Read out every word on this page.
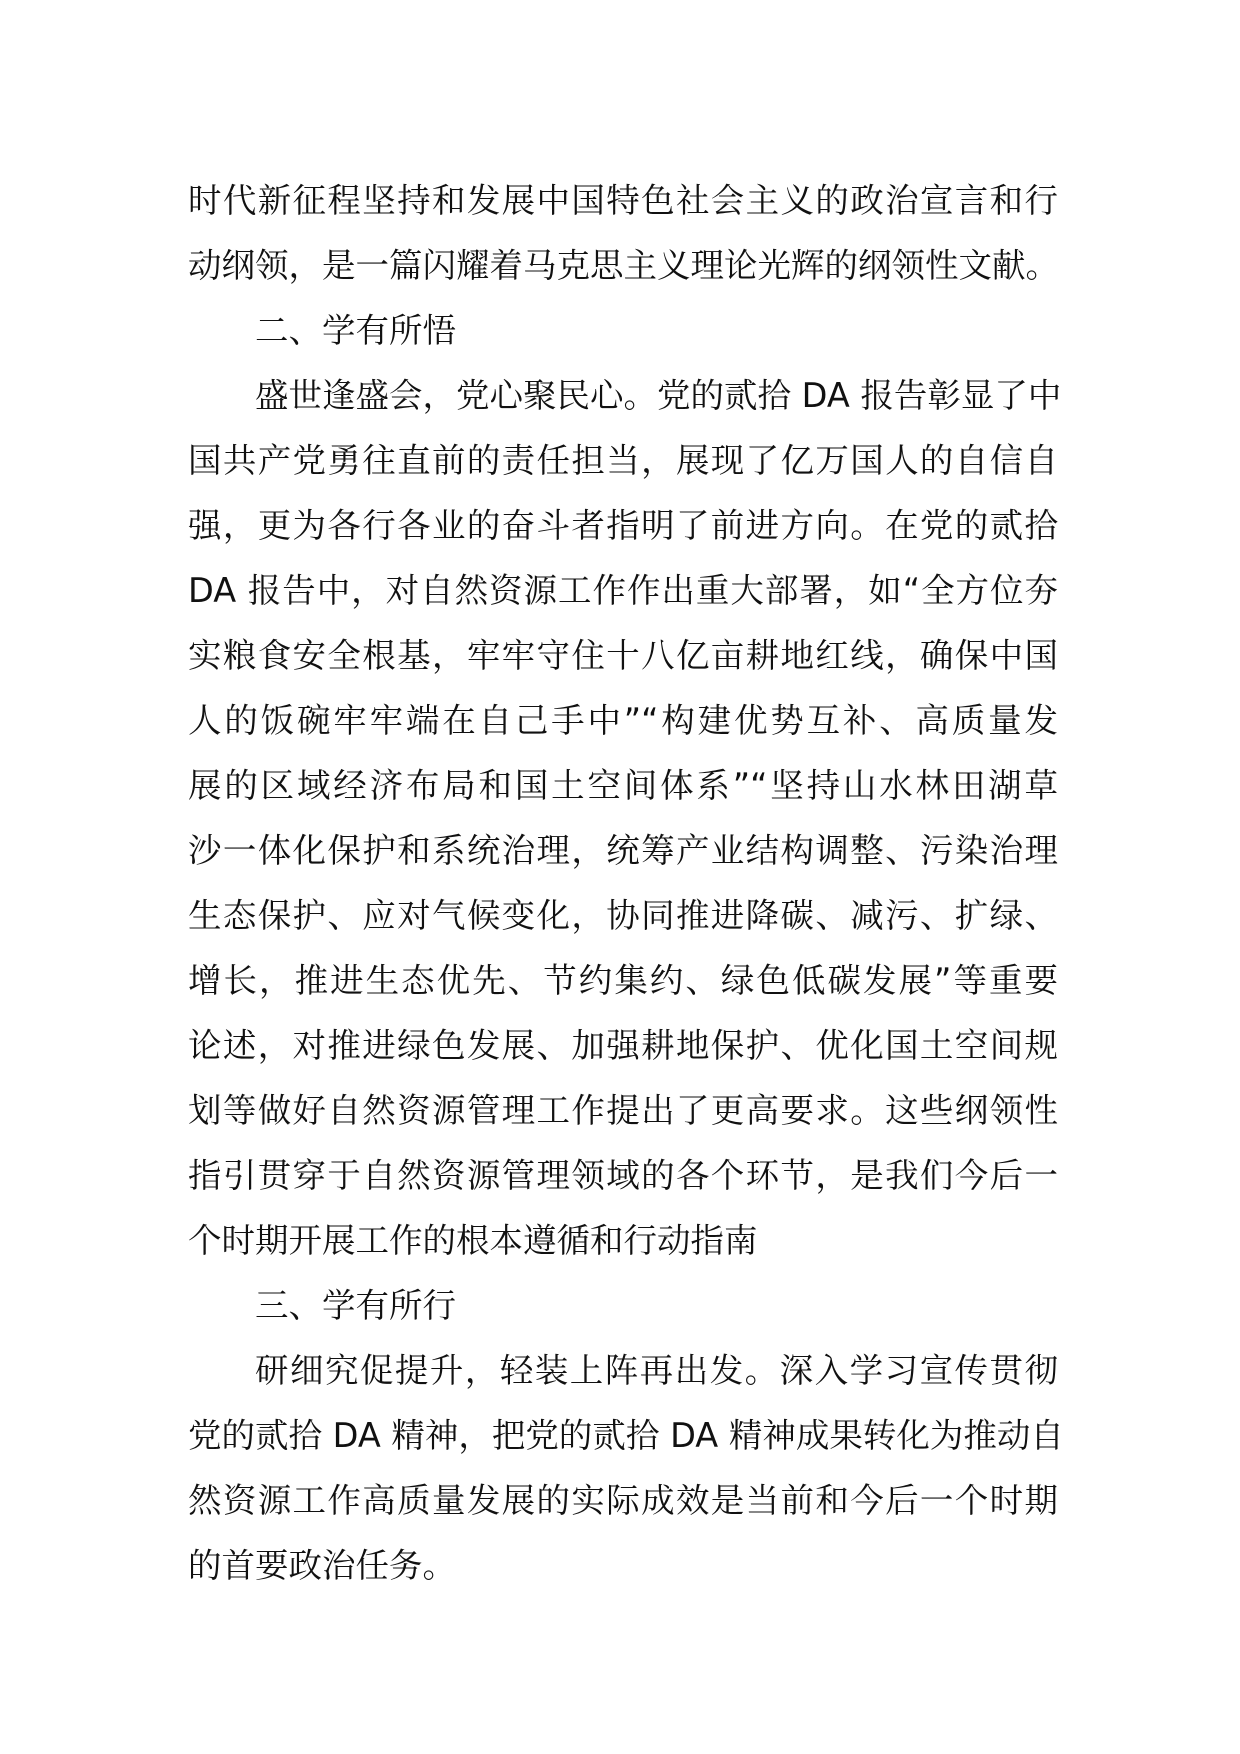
时代新征程坚持和发展中国特色社会主义的政治宣言和行
动纲领，是一篇闪耀着马克思主义理论光辉的纲领性文献。
二、学有所悟
盛世逢盛会，党心聚民心。党的贰拾 DA 报告彰显了中
国共产党勇往直前的责任担当，展现了亿万国人的自信自
强，更为各行各业的奋斗者指明了前进方向。在党的贰拾
DA 报告中，对自然资源工作作出重大部署，如“全方位夯
实粮食安全根基，牢牢守住十八亿亩耕地红线，确保中国
人的饭碗牢牢端在自己手中”“构建优势互补、高质量发
展的区域经济布局和国土空间体系”“坚持山水林田湖草
沙一体化保护和系统治理，统筹产业结构调整、污染治理
生态保护、应对气候变化，协同推进降碳、减污、扩绿、
增长，推进生态优先、节约集约、绿色低碳发展”等重要
论述，对推进绿色发展、加强耕地保护、优化国土空间规
划等做好自然资源管理工作提出了更高要求。这些纲领性
指引贯穿于自然资源管理领域的各个环节，是我们今后一
个时期开展工作的根本遵循和行动指南
三、学有所行
研细究促提升，轻装上阵再出发。深入学习宣传贯彻
党的贰拾 DA 精神，把党的贰拾 DA 精神成果转化为推动自
然资源工作高质量发展的实际成效是当前和今后一个时期
的首要政治任务。
